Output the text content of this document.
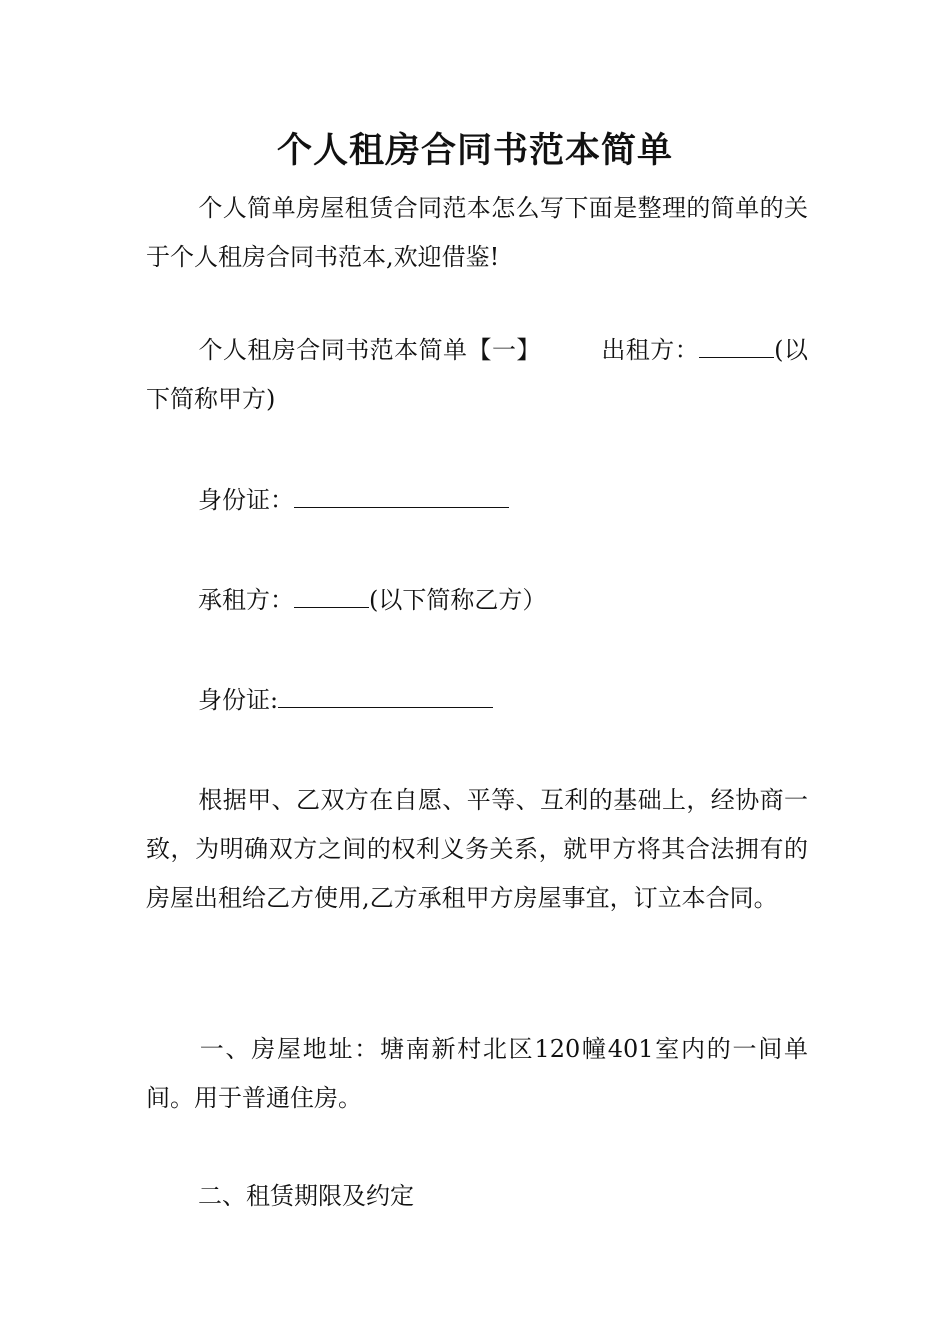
个人租房合同书范本简单

个人简单房屋租赁合同范本怎么写下面是整理的简单的关于个人租房合同书范本,欢迎借鉴!

个人租房合同书范本简单【一】	出租方：	(以下简称甲方)

身份证：

承租方：	(以下简称乙方）

身份证:

根据甲、乙双方在自愿、平等、互利的基础上，经协商一致，为明确双方之间的权利义务关系，就甲方将其合法拥有的房屋出租给乙方使用,乙方承租甲方房屋事宜，订立本合同。

一、房屋地址：塘南新村北区120幢401室内的一间单间。用于普通住房。

二、租赁期限及约定
